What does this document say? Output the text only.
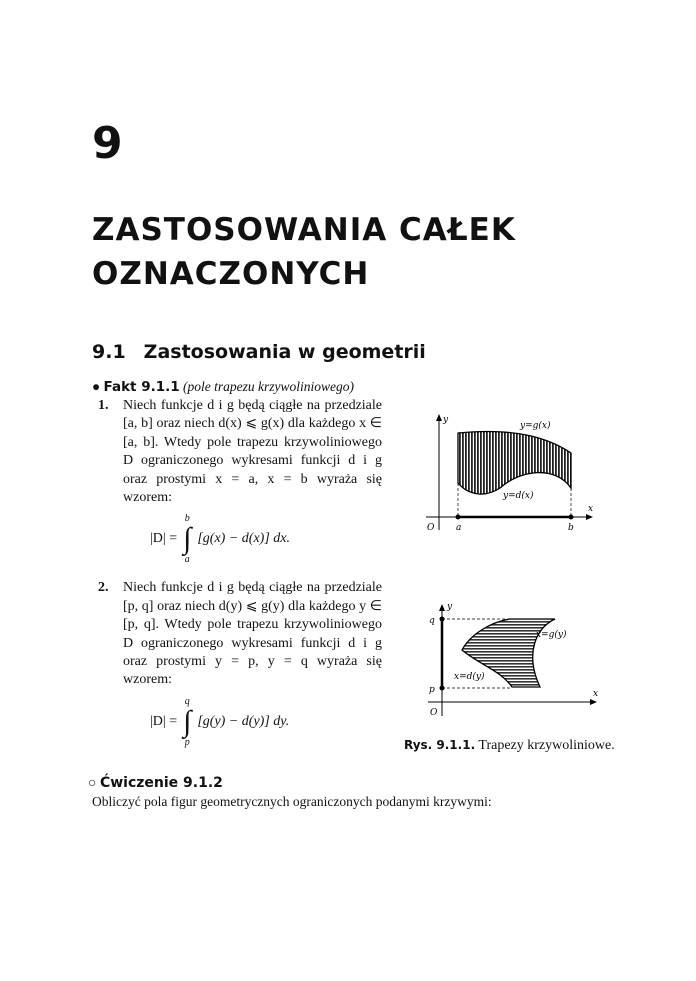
9
ZASTOSOWANIA CAŁEK
OZNACZONYCH
9.1 Zastosowania w geometrii
● Fakt 9.1.1 (pole trapezu krzywoliniowego)
1. Niech funkcje d i g będą ciągłe na przedziale [a, b] oraz niech d(x) ⩽ g(x) dla każdego x ∈ [a, b]. Wtedy pole trapezu krzywoliniowego D ograniczonego wykresami funkcji d i g oraz prostymi x = a, x = b wyraża się wzorem:
|D| =
b
∫
a
[g(x) − d(x)] dx.
2. Niech funkcje d i g będą ciągłe na przedziale [p, q] oraz niech d(y) ⩽ g(y) dla każdego y ∈ [p, q]. Wtedy pole trapezu krzywoliniowego D ograniczonego wykresami funkcji d i g oraz prostymi y = p, y = q wyraża się wzorem:
|D| =
q
∫
p
[g(y) − d(y)] dy.
○ Ćwiczenie 9.1.2
Obliczyć pola figur geometrycznych ograniczonych podanymi krzywymi:
y
x
O a	b
y=g(x)
y=d(x)
y
x
O
q
p
x=g(y)
x=d(y)
Rys. 9.1.1. Trapezy krzywoliniowe.
